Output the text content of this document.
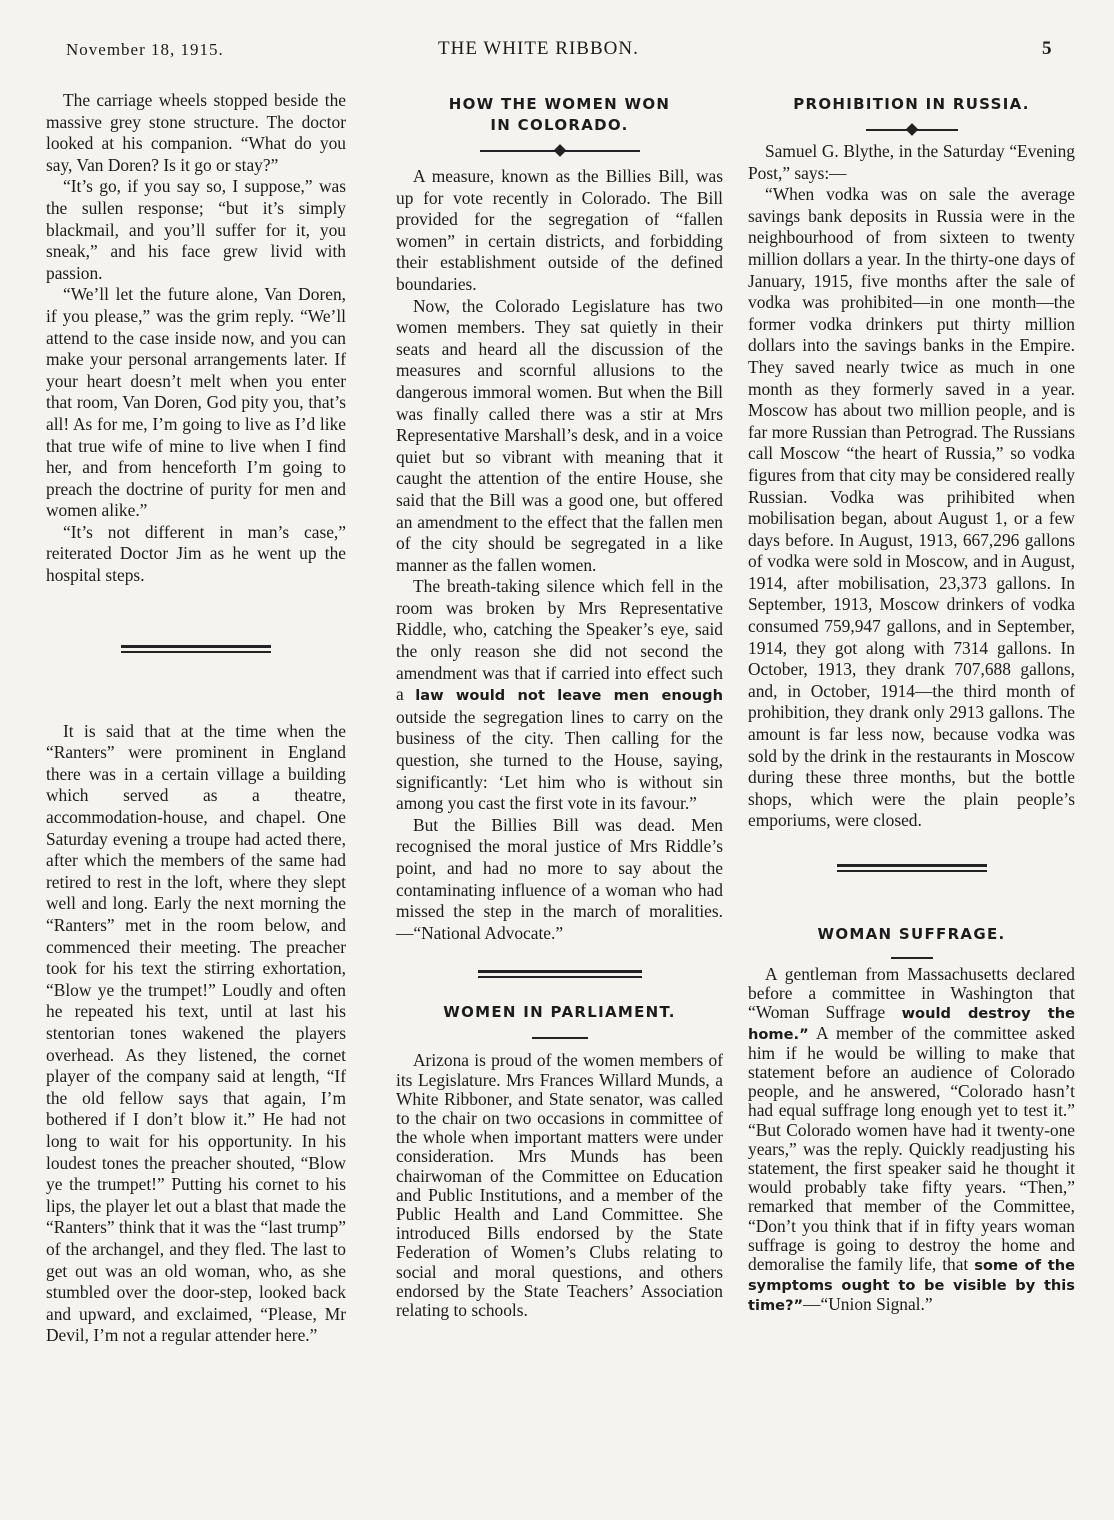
November 18, 1915.	THE WHITE RIBBON.	5

The carriage wheels stopped beside the massive grey stone structure. The doctor looked at his companion. “What do you say, Van Doren? Is it go or stay?”

“It’s go, if you say so, I suppose,” was the sullen response; “but it’s simply blackmail, and you’ll suffer for it, you sneak,” and his face grew livid with passion.

“We’ll let the future alone, Van Doren, if you please,” was the grim reply. “We’ll attend to the case inside now, and you can make your personal arrangements later. If your heart doesn’t melt when you enter that room, Van Doren, God pity you, that’s all! As for me, I’m going to live as I’d like that true wife of mine to live when I find her, and from henceforth I’m going to preach the doctrine of purity for men and women alike.”

“It’s not different in man’s case,” reiterated Doctor Jim as he went up the hospital steps.

It is said that at the time when the “Ranters” were prominent in England there was in a certain village a building which served as a theatre, accommodation-house, and chapel. One Saturday evening a troupe had acted there, after which the members of the same had retired to rest in the loft, where they slept well and long. Early the next morning the “Ranters” met in the room below, and commenced their meeting. The preacher took for his text the stirring exhortation, “Blow ye the trumpet!” Loudly and often he repeated his text, until at last his stentorian tones wakened the players overhead. As they listened, the cornet player of the company said at length, “If the old fellow says that again, I’m bothered if I don’t blow it.” He had not long to wait for his opportunity. In his loudest tones the preacher shouted, “Blow ye the trumpet!” Putting his cornet to his lips, the player let out a blast that made the “Ranters” think that it was the “last trump” of the archangel, and they fled. The last to get out was an old woman, who, as she stumbled over the door-step, looked back and upward, and exclaimed, “Please, Mr Devil, I’m not a regular attender here.”

HOW THE WOMEN WON IN COLORADO.

A measure, known as the Billies Bill, was up for vote recently in Colorado. The Bill provided for the segregation of “fallen women” in certain districts, and forbidding their establishment outside of the defined boundaries.

Now, the Colorado Legislature has two women members. They sat quietly in their seats and heard all the discussion of the measures and scornful allusions to the dangerous immoral women. But when the Bill was finally called there was a stir at Mrs Representative Marshall’s desk, and in a voice quiet but so vibrant with meaning that it caught the attention of the entire House, she said that the Bill was a good one, but offered an amendment to the effect that the fallen men of the city should be segregated in a like manner as the fallen women.

The breath-taking silence which fell in the room was broken by Mrs Representative Riddle, who, catching the Speaker’s eye, said the only reason she did not second the amendment was that if carried into effect such a law would not leave men enough outside the segregation lines to carry on the business of the city. Then calling for the question, she turned to the House, saying, significantly: ‘Let him who is without sin among you cast the first vote in its favour.”

But the Billies Bill was dead. Men recognised the moral justice of Mrs Riddle’s point, and had no more to say about the contaminating influence of a woman who had missed the step in the march of moralities.—“National Advocate.”

WOMEN IN PARLIAMENT.

Arizona is proud of the women members of its Legislature. Mrs Frances Willard Munds, a White Ribboner, and State senator, was called to the chair on two occasions in committee of the whole when important matters were under consideration. Mrs Munds has been chairwoman of the Committee on Education and Public Institutions, and a member of the Public Health and Land Committee. She introduced Bills endorsed by the State Federation of Women’s Clubs relating to social and moral questions, and others endorsed by the State Teachers’ Association relating to schools.

PROHIBITION IN RUSSIA.

Samuel G. Blythe, in the Saturday “Evening Post,” says:—

“When vodka was on sale the average savings bank deposits in Russia were in the neighbourhood of from sixteen to twenty million dollars a year. In the thirty-one days of January, 1915, five months after the sale of vodka was prohibited—in one month—the former vodka drinkers put thirty million dollars into the savings banks in the Empire. They saved nearly twice as much in one month as they formerly saved in a year. Moscow has about two million people, and is far more Russian than Petrograd. The Russians call Moscow “the heart of Russia,” so vodka figures from that city may be considered really Russian. Vodka was prihibited when mobilisation began, about August 1, or a few days before. In August, 1913, 667,296 gallons of vodka were sold in Moscow, and in August, 1914, after mobilisation, 23,373 gallons. In September, 1913, Moscow drinkers of vodka consumed 759,947 gallons, and in September, 1914, they got along with 7314 gallons. In October, 1913, they drank 707,688 gallons, and, in October, 1914—the third month of prohibition, they drank only 2913 gallons. The amount is far less now, because vodka was sold by the drink in the restaurants in Moscow during these three months, but the bottle shops, which were the plain people’s emporiums, were closed.

WOMAN SUFFRAGE.

A gentleman from Massachusetts declared before a committee in Washington that “Woman Suffrage would destroy the home.” A member of the committee asked him if he would be willing to make that statement before an audience of Colorado people, and he answered, “Colorado hasn’t had equal suffrage long enough yet to test it.” “But Colorado women have had it twenty-one years,” was the reply. Quickly readjusting his statement, the first speaker said he thought it would probably take fifty years. “Then,” remarked that member of the Committee, “Don’t you think that if in fifty years woman suffrage is going to destroy the home and demoralise the family life, that some of the symptoms ought to be visible by this time?”—“Union Signal.”
